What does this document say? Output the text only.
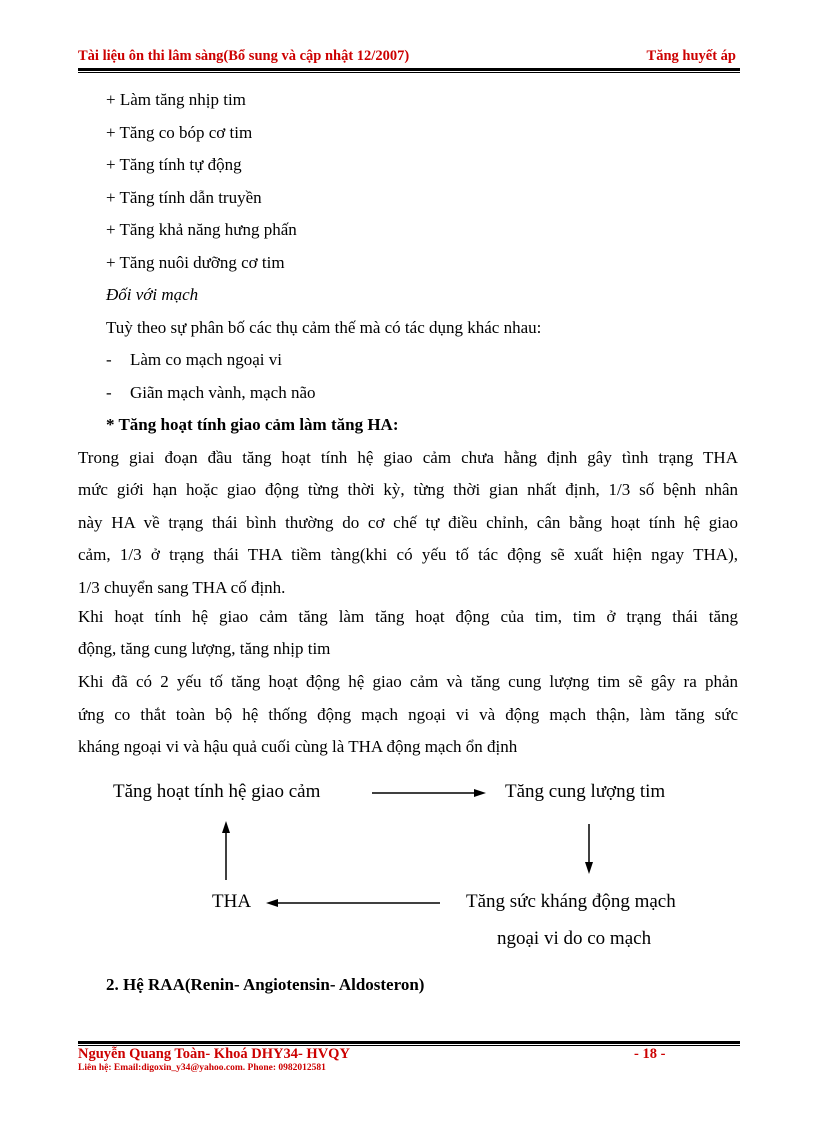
Tài liệu ôn thi lâm sàng(Bổ sung và cập nhật 12/2007)	Tăng huyết áp
+ Làm tăng nhịp tim
+ Tăng co bóp cơ tim
+ Tăng tính tự động
+ Tăng tính dẫn truyền
+ Tăng khả năng hưng phấn
+ Tăng nuôi dưỡng cơ tim
Đối với mạch
Tuỳ theo sự phân bố các thụ cảm thế mà có tác dụng khác nhau:
- Làm co mạch ngoại vi
- Giãn mạch vành, mạch não
* Tăng hoạt tính giao cảm làm tăng HA:
Trong giai đoạn đầu tăng hoạt tính hệ giao cảm chưa hằng định gây tình trạng THA
mức giới hạn hoặc giao động từng thời kỳ, từng thời gian nhất định, 1/3 số bệnh nhân
này HA về trạng thái bình thường do cơ chế tự điều chỉnh, cân bằng hoạt tính hệ giao
cảm, 1/3 ở trạng thái THA tiềm tàng(khi có yếu tố tác động sẽ xuất hiện ngay THA),
1/3 chuyển sang THA cố định.
Khi hoạt tính hệ giao cảm tăng làm tăng hoạt động của tim, tim ở trạng thái tăng
động, tăng cung lượng, tăng nhịp tim
Khi đã có 2 yếu tố tăng hoạt động hệ giao cảm và tăng cung lượng tim sẽ gây ra phản
ứng co thắt toàn bộ hệ thống động mạch ngoại vi và động mạch thận, làm tăng sức
kháng ngoại vi và hậu quả cuối cùng là THA động mạch ổn định
Tăng hoạt tính hệ giao cảm	Tăng cung lượng tim
Tăng sức kháng động mạch
ngoại vi do co mạch
THA
2. Hệ RAA(Renin- Angiotensin- Aldosteron)
Nguyễn Quang Toàn- Khoá DHY34- HVQY	- 18 -
Liên hệ: Email:digoxin_y34@yahoo.com. Phone: 0982012581
